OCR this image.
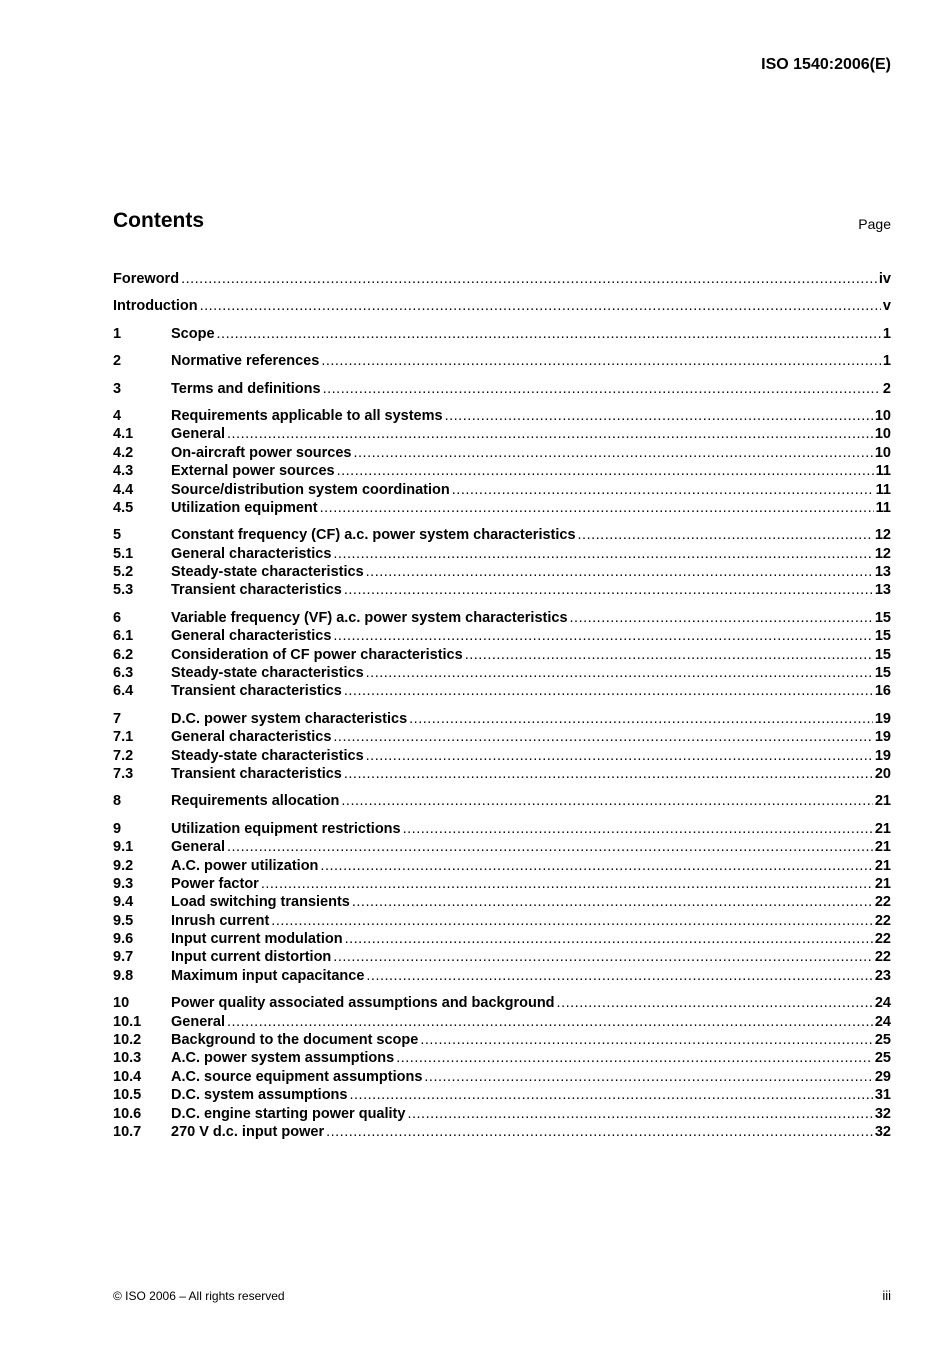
ISO 1540:2006(E)
Contents	Page
Foreword .....	iv
Introduction .....	v
1	Scope .....	1
2	Normative references .....	1
3	Terms and definitions .....	2
4	Requirements applicable to all systems .....	10
4.1	General .....	10
4.2	On-aircraft power sources .....	10
4.3	External power sources .....	11
4.4	Source/distribution system coordination .....	11
4.5	Utilization equipment .....	11
5	Constant frequency (CF) a.c. power system characteristics .....	12
5.1	General characteristics .....	12
5.2	Steady-state characteristics .....	13
5.3	Transient characteristics .....	13
6	Variable frequency (VF) a.c. power system characteristics .....	15
6.1	General characteristics .....	15
6.2	Consideration of CF power characteristics .....	15
6.3	Steady-state characteristics .....	15
6.4	Transient characteristics .....	16
7	D.C. power system characteristics .....	19
7.1	General characteristics .....	19
7.2	Steady-state characteristics .....	19
7.3	Transient characteristics .....	20
8	Requirements allocation .....	21
9	Utilization equipment restrictions .....	21
9.1	General .....	21
9.2	A.C. power utilization .....	21
9.3	Power factor .....	21
9.4	Load switching transients .....	22
9.5	Inrush current .....	22
9.6	Input current modulation .....	22
9.7	Input current distortion .....	22
9.8	Maximum input capacitance .....	23
10	Power quality associated assumptions and background .....	24
10.1	General .....	24
10.2	Background to the document scope .....	25
10.3	A.C. power system assumptions .....	25
10.4	A.C. source equipment assumptions .....	29
10.5	D.C. system assumptions .....	31
10.6	D.C. engine starting power quality .....	32
10.7	270 V d.c. input power .....	32
© ISO 2006 – All rights reserved	iii
